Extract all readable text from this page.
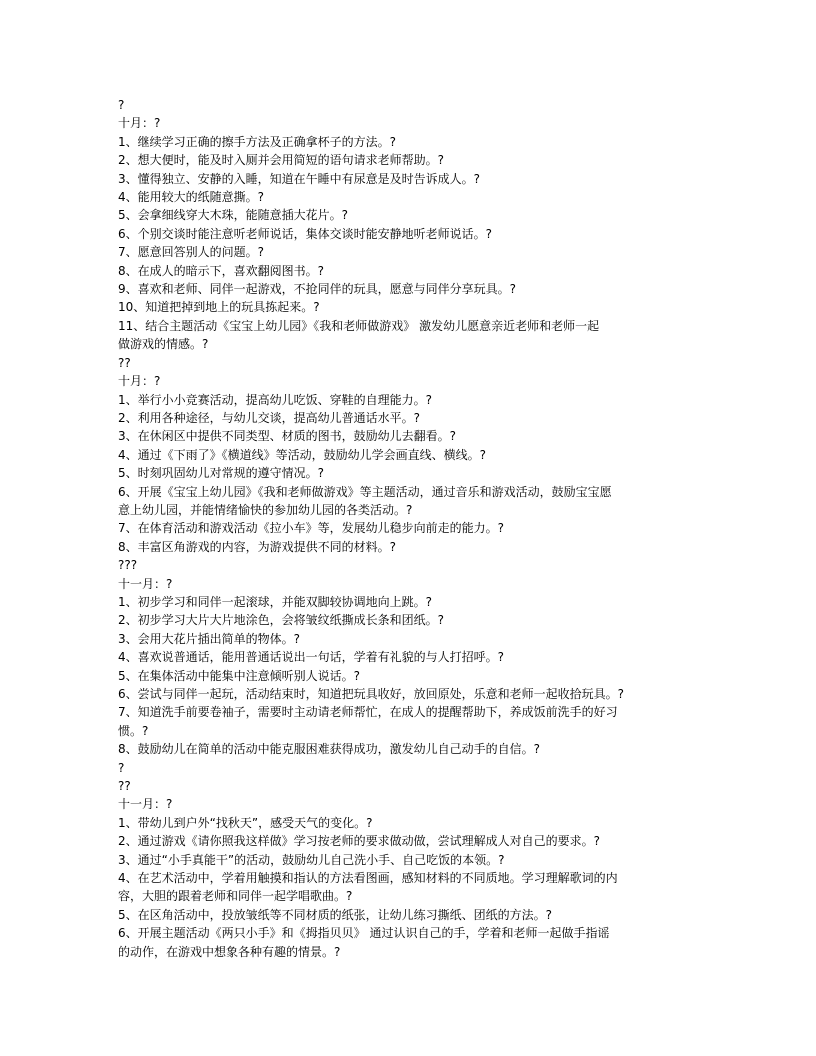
?
十月：?
1、继续学习正确的擦手方法及正确拿杯子的方法。?
2、想大便时，能及时入厕并会用简短的语句请求老师帮助。?
3、懂得独立、安静的入睡，知道在午睡中有尿意是及时告诉成人。?
4、能用较大的纸随意撕。?
5、会拿细线穿大木珠，能随意插大花片。?
6、个别交谈时能注意听老师说话，集体交谈时能安静地听老师说话。?
7、愿意回答别人的问题。?
8、在成人的暗示下，喜欢翻阅图书。?
9、喜欢和老师、同伴一起游戏，不抢同伴的玩具，愿意与同伴分享玩具。?
10、知道把掉到地上的玩具拣起来。?
11、结合主题活动《宝宝上幼儿园》《我和老师做游戏》 激发幼儿愿意亲近老师和老师一起
做游戏的情感。?
??
十月：?
1、举行小小竞赛活动，提高幼儿吃饭、穿鞋的自理能力。?
2、利用各种途径，与幼儿交谈，提高幼儿普通话水平。?
3、在休闲区中提供不同类型、材质的图书，鼓励幼儿去翻看。?
4、通过《下雨了》《横道线》等活动，鼓励幼儿学会画直线、横线。?
5、时刻巩固幼儿对常规的遵守情况。?
6、开展《宝宝上幼儿园》《我和老师做游戏》等主题活动，通过音乐和游戏活动，鼓励宝宝愿
意上幼儿园，并能情绪愉快的参加幼儿园的各类活动。?
7、在体育活动和游戏活动《拉小车》等，发展幼儿稳步向前走的能力。?
8、丰富区角游戏的内容，为游戏提供不同的材料。?
???
十一月：?
1、初步学习和同伴一起滚球，并能双脚较协调地向上跳。?
2、初步学习大片大片地涂色，会将皱纹纸撕成长条和团纸。?
3、会用大花片插出简单的物体。?
4、喜欢说普通话，能用普通话说出一句话，学着有礼貌的与人打招呼。?
5、在集体活动中能集中注意倾听别人说话。?
6、尝试与同伴一起玩，活动结束时，知道把玩具收好，放回原处，乐意和老师一起收拾玩具。?
7、知道洗手前要卷袖子，需要时主动请老师帮忙，在成人的提醒帮助下，养成饭前洗手的好习
惯。?
8、鼓励幼儿在简单的活动中能克服困难获得成功，激发幼儿自己动手的自信。?
?
??
十一月：?
1、带幼儿到户外“找秋天”，感受天气的变化。?
2、通过游戏《请你照我这样做》学习按老师的要求做动做，尝试理解成人对自己的要求。?
3、通过“小手真能干”的活动，鼓励幼儿自己洗小手、自己吃饭的本领。?
4、在艺术活动中，学着用触摸和指认的方法看图画，感知材料的不同质地。学习理解歌词的内
容，大胆的跟着老师和同伴一起学唱歌曲。?
5、在区角活动中，投放皱纸等不同材质的纸张，让幼儿练习撕纸、团纸的方法。?
6、开展主题活动《两只小手》和《拇指贝贝》 通过认识自己的手，学着和老师一起做手指谣
的动作，在游戏中想象各种有趣的情景。?
